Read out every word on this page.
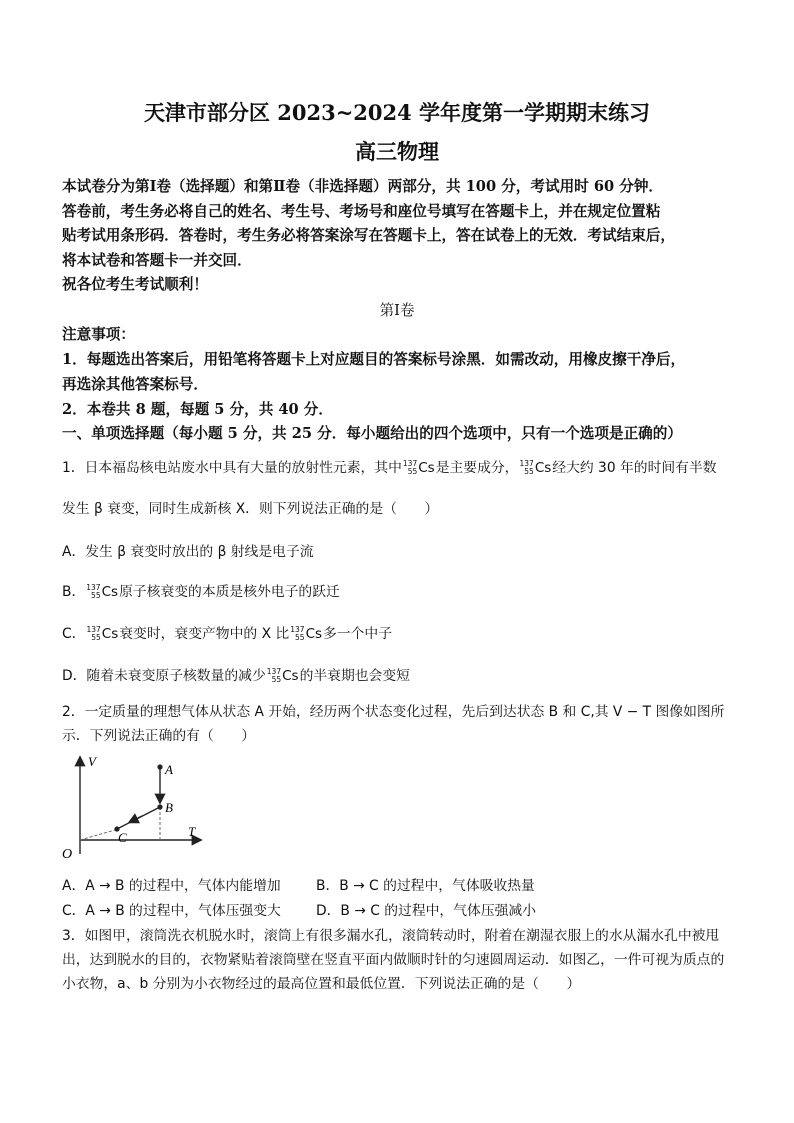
天津市部分区 2023~2024 学年度第一学期期末练习
高三物理
本试卷分为第Ⅰ卷（选择题）和第Ⅱ卷（非选择题）两部分，共 100 分，考试用时 60 分钟．
答卷前，考生务必将自己的姓名、考生号、考场号和座位号填写在答题卡上，并在规定位置粘
贴考试用条形码．答卷时，考生务必将答案涂写在答题卡上，答在试卷上的无效．考试结束后，
将本试卷和答题卡一并交回．
祝各位考生考试顺利！
第Ⅰ卷
注意事项：
1．每题选出答案后，用铅笔将答题卡上对应题目的答案标号涂黑．如需改动，用橡皮擦干净后，
再选涂其他答案标号．
2．本卷共 8 题，每题 5 分，共 40 分．
一、单项选择题（每小题 5 分，共 25 分．每小题给出的四个选项中，只有一个选项是正确的）
1．日本福岛核电站废水中具有大量的放射性元素，其中 137
55 Cs是主要成分， 137
55 Cs经大约 30 年的时间有半数
发生 β 衰变，同时生成新核 X．则下列说法正确的是（　　）
A．发生 β 衰变时放出的 β 射线是电子流
B． 137
55 Cs原子核衰变的本质是核外电子的跃迁
C． 137
55 Cs衰变时，衰变产物中的 X 比 137
55 Cs多一个中子
D．随着未衰变原子核数量的减少 137
55 Cs的半衰期也会变短
2．一定质量的理想气体从状态 A 开始，经历两个状态变化过程，先后到达状态 B 和 C,其 V − T 图像如图所
示．下列说法正确的有（　　）
V
T
O
A
B
C
A．A → B 的过程中，气体内能增加	B．B → C 的过程中，气体吸收热量
C．A → B 的过程中，气体压强变大	D．B → C 的过程中，气体压强减小
3．如图甲，滚筒洗衣机脱水时，滚筒上有很多漏水孔，滚筒转动时，附着在潮湿衣服上的水从漏水孔中被甩
出，达到脱水的目的，衣物紧贴着滚筒壁在竖直平面内做顺时针的匀速圆周运动．如图乙，一件可视为质点的
小衣物，a、b 分别为小衣物经过的最高位置和最低位置．下列说法正确的是（　　）
